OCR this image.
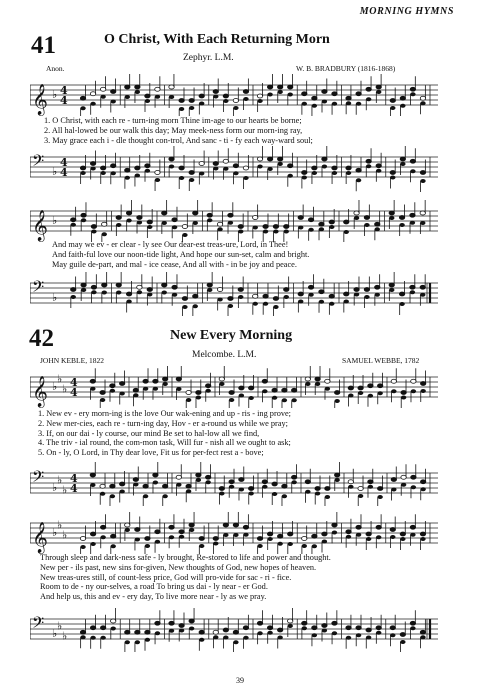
MORNING HYMNS
41	O Christ, With Each Returning Morn
Zephyr. L.M.
Anon.	W. B. BRADBURY (1816-1868)
𝄞 ♭ 4
4
1. O Christ, with each re - turn-ing morn Thine im-age to our hearts be borne;
2. All hal-lowed be our walk this day; May meek-ness form our morn-ing ray,
3. May grace each i - dle thought con-trol, And sanc - ti - fy each way-ward soul;
𝄢 ♭
4
4
𝄞 ♭
And may we ev - er clear - ly see Our dear-est treas-ure, Lord, in Thee!
And faith-ful love our noon-tide light, And hope our sun-set, calm and bright.
May guile de-part, and mal - ice cease, And all with - in be joy and peace.
𝄢 ♭
42	New Every Morning
Melcombe. L.M.
JOHN KEBLE, 1822	SAMUEL WEBBE, 1782
𝄞 ♭
♭
♭ 4
4
1. New ev - ery morn-ing is the love Our wak-ening and up - ris - ing prove;
2. New mer-cies, each re - turn-ing day, Hov - er a-round us while we pray;
3. If, on our dai - ly course, our mind Be set to hal-low all we find,
4. The triv - ial round, the com-mon task, Will fur - nish all we ought to ask;
5. On - ly, O Lord, in Thy dear love, Fit us for per-fect rest a - bove;
𝄢 ♭
♭
♭
4
4
𝄞 ♭
♭
♭
Through sleep and dark-ness safe - ly brought, Re-stored to life and power and thought.
New per - ils past, new sins for-given, New thoughts of God, new hopes of heaven.
New treas-ures still, of count-less price, God will pro-vide for sac - ri - fice.
Room to de - ny our-selves, a road To bring us dai - ly near - er God.
And help us, this and ev - ery day, To live more near - ly as we pray.
𝄢 ♭
♭
♭
39
